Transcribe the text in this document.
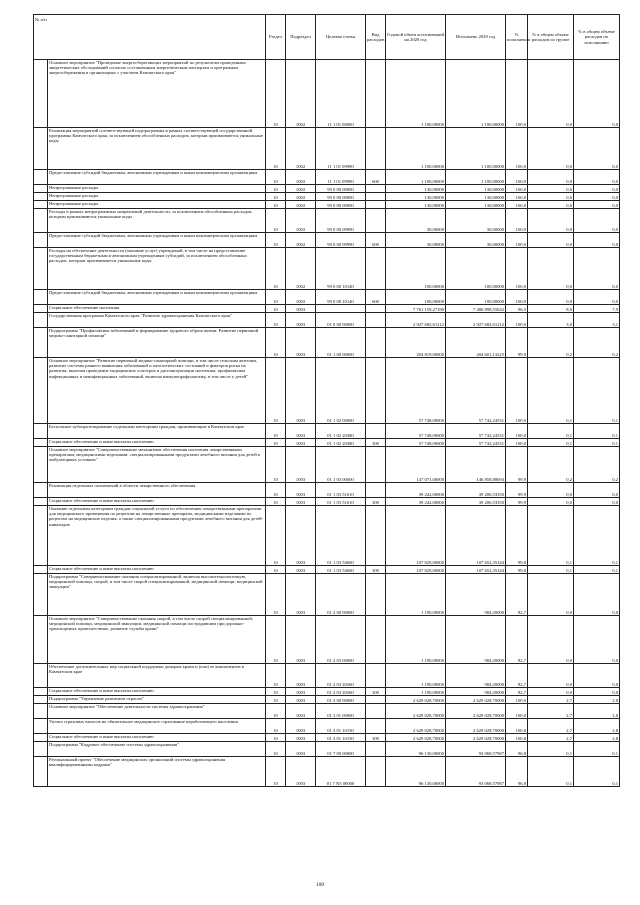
№ п/п		Раздел	Подраздел	Целевая статья	Вид расходов	Годовой объем ассигнований на 2020 год	Исполнено 2020 год	% исполнения	% в общем объеме расходов по группе	% в общем объеме расходов по исполнению
	Основное мероприятие "Проведение энергосберегающих мероприятий по результатам проведенных энергетических обследований согласно составленным энергетическим паспортам и программам энергосбережения в организациях с участием Камчатского края"	10	1002	11 1 01 00000		1 100,00000	1 100,00000	100,0	0,0	0,0
	Реализация мероприятий соответствующей подпрограммы в рамках соответствующей государственной программы Камчатского края, за исключением обособленных расходов, которым присваиваются уникальные коды	10	1002	11 1 01 09990		1 100,00000	1 100,00000	100,0	0,0	0,0
	Предоставление субсидий бюджетным, автономным учреждениям и иным некоммерческим организациям	10	1002	11 1 01 09990	600	1 100,00000	1 100,00000	100,0	0,0	0,0
	Непрограммные расходы	10	1002	99 0 00 00000		130,00000	130,00000	100,0	0,0	0,0
	Непрограммные расходы	10	1002	99 0 00 00000		130,00000	130,00000	100,0	0,0	0,0
	Непрограммные расходы	10	1002	99 0 00 00000		130,00000	130,00000	100,0	0,0	0,0
	Расходы в рамках непрограммных направлений деятельности, за исключением обособленных расходов, которым присваиваются уникальные коды	10	1002	99 0 00 09990		30,00000	30,00000	100,0	0,0	0,0
	Предоставление субсидий бюджетным, автономным учреждениям и иным некоммерческим организациям	10	1002	99 0 00 09990	600	30,00000	30,00000	100,0	0,0	0,0
	Расходы на обеспечение деятельности (оказание услуг) учреждений, в том числе на предоставление государственным бюджетным и автономным учреждениям субсидий, за исключением обособленных расходов, которым присваиваются уникальные коды	10	1002	99 0 00 10140		100,00000	100,00000	100,0	0,0	0,0
	Предоставление субсидий бюджетным, автономным учреждениям и иным некоммерческим организациям	10	1002	99 0 00 10140	600	100,00000	100,00000	100,0	0,0	0,0
	Социальное обеспечение населения	10	1003			7 761 159,27180	7 486 898,55042	96,5	8,0	7,9
	Государственная программа Камчатского края "Развитие здравоохранения Камчатского края"	10	1003	01 0 00 00000		2 927 682,61212	2 927 682,61212	100,0	3,0	3,1
	Подпрограмма "Профилактика заболеваний и формирование здорового образа жизни. Развитие первичной медико-санитарной помощи"	10	1003	01 1 00 00000		204 819,00000	204 601,13225	99,9	0,2	0,2
	Основное мероприятие "Развитие первичной медико-санитарной помощи, в том числе сельским жителям, развитие системы раннего выявления заболеваний и патологических состояний и факторов риска их развития, включая проведение медицинских осмотров и диспансеризации населения, профилактика инфекционных и неинфекционных заболеваний, включая иммунопрофилактику, в том числе у детей"	10	1003	01 1 02 00000		57 748,00000	57 742,24531	100,0	0,1	0,1
	Бесплатное зубопротезирование отдельным категориям граждан, проживающим в Камчатском крае	10	1003	01 1 02 20380		57 748,00000	57 742,24531	100,0	0,1	0,1
	Социальное обеспечение и иные выплаты населению	10	1003	01 1 02 20380	300	57 748,00000	57 742,24531	100,0	0,1	0,1
	Основное мероприятие "Совершенствование механизмов обеспечения населения лекарственными препаратами, медицинскими изделиями, специализированными продуктами лечебного питания для детей в амбулаторных условиях"	10	1003	01 1 03 00000		147 071,00000	146 858,88694	99,9	0,2	0,2
	Реализация отдельных полномочий в области лекарственного обеспечения	10	1003	01 1 03 51610		39 242,00000	39 206,53350	99,9	0,0	0,0
	Социальное обеспечение и иные выплаты населению	10	1003	01 1 03 51610	300	39 242,00000	39 206,53350	99,9	0,0	0,0
	Оказание отдельным категориям граждан социальной услуги по обеспечению лекарственными препаратами для медицинского применения по рецептам на лекарственные препараты, медицинскими изделиями по рецептам на медицинские изделия, а также специализированными продуктами лечебного питания для детей-инвалидов	10	1003	01 1 03 54600		107 829,00000	107 652,35344	99,8	0,1	0,1
	Социальное обеспечение и иные выплаты населению	10	1003	01 1 03 54600	300	107 829,00000	107 652,35344	99,8	0,1	0,1
	Подпрограмма "Совершенствование оказания специализированной, включая высокотехнологичную, медицинской помощи, скорой, в том числе скорой специализированной, медицинской помощи, медицинской эвакуации"	10	1003	01 2 00 00000		1 190,00000	984,20000	82,7	0,0	0,0
	Основное мероприятие "Совершенствование оказания скорой, в том числе скорой специализированной, медицинской помощи, медицинской эвакуации, медицинской помощи пострадавшим при дорожно-транспортных происшествиях, развитие службы крови"	10	1003	01 2 03 00000		1 190,00000	984,20000	82,7	0,0	0,0
	Обеспечение дополнительных мер социальной поддержки донорам крови и (или) ее компонентов в Камчатском крае	10	1003	01 2 03 20260		1 190,00000	984,20000	82,7	0,0	0,0
	Социальное обеспечение и иные выплаты населению	10	1003	01 2 03 20260	300	1 190,00000	984,20000	82,7	0,0	0,0
	Подпрограмма "Управление развитием отрасли"	10	1003	01 3 00 00000		2 629 028,70000	2 629 028,70000	100,0	2,7	2,8
	Основное мероприятие "Обеспечение деятельности системы здравоохранения"	10	1003	01 3 01 00000		2 629 028,70000	2 629 028,70000	100,0	2,7	2,8
	Уплата страховых взносов на обязательное медицинское страхование неработающего населения	10	1003	01 3 01 10150		2 629 028,70000	2 629 028,70000	100,0	2,7	2,8
	Социальное обеспечение и иные выплаты населению	10	1003	01 3 01 10150	300	2 629 028,70000	2 629 028,70000	100,0	2,7	2,8
	Подпрограмма "Кадровое обеспечение системы здравоохранения"	10	1003	01 7 00 00000		96 130,00000	93 068,57987	96,8	0,1	0,1
	Региональный проект "Обеспечение медицинских организаций системы здравоохранения квалифицированными кадрами"	10	1003	01 7 N5 00000		96 130,00000	93 068,57987	96,8	0,1	0,1
100
